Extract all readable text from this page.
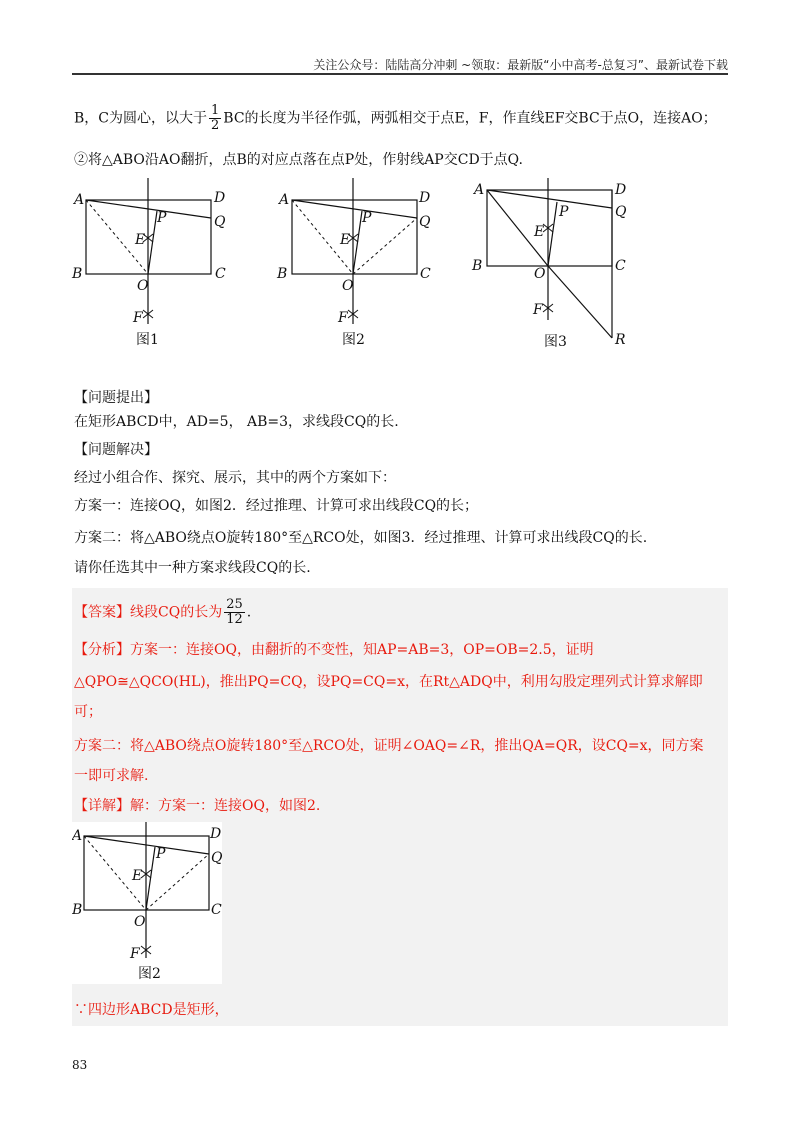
关注公众号：陆陆高分冲刺 ~领取：最新版“小中高考-总复习”、最新试卷下载
B，C为圆心，以大于 $\frac{1}{2}$ BC的长度为半径作弧，两弧相交于点E，F，作直线EF交BC于点O，连接AO；
②将△ABO沿AO翻折，点B的对应点落在点P处，作射线AP交CD于点Q.
A
B	C
D
P	Q
E
O
F
图1
A
B	C
D
P	Q
E
O
F
图2
A
B	C
D
P	Q
E
O
F
R
图3
【问题提出】
在矩形ABCD中，AD=5， AB=3，求线段CQ的长.
【问题解决】
经过小组合作、探究、展示，其中的两个方案如下：
方案一：连接OQ，如图2．经过推理、计算可求出线段CQ的长；
方案二：将△ABO绕点O旋转180°至△RCO处，如图3．经过推理、计算可求出线段CQ的长.
请你任选其中一种方案求线段CQ的长.
【答案】线段CQ的长为 $\frac{25}{12}$ .
【分析】方案一：连接OQ，由翻折的不变性，知AP=AB=3，OP=OB=2.5，证明
△QPO≅△QCO(HL)，推出PQ=CQ，设PQ=CQ=x，在Rt△ADQ中，利用勾股定理列式计算求解即
可；
方案二：将△ABO绕点O旋转180°至△RCO处，证明∠OAQ=∠R，推出QA=QR，设CQ=x，同方案
一即可求解.
【详解】解：方案一：连接OQ，如图2.
A
B	C
D
P	Q
E
O
F
图2
∵四边形ABCD是矩形，
83
